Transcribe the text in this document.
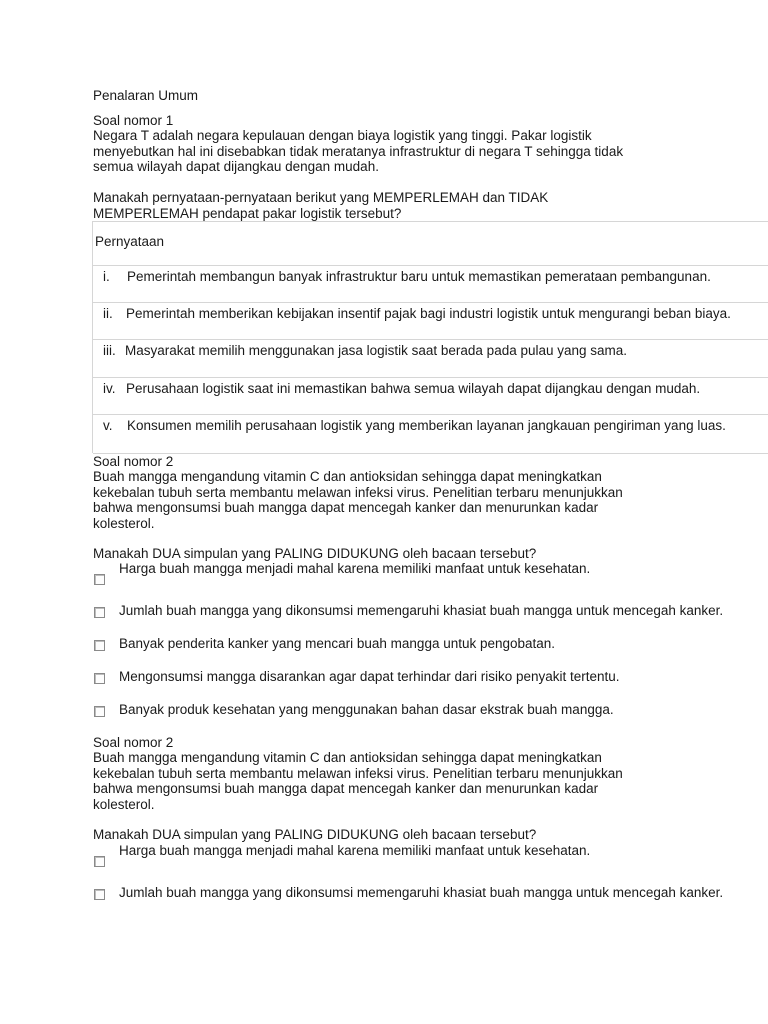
Penalaran Umum
Soal nomor 1
Negara T adalah negara kepulauan dengan biaya logistik yang tinggi. Pakar logistik
menyebutkan hal ini disebabkan tidak meratanya infrastruktur di negara T sehingga tidak
semua wilayah dapat dijangkau dengan mudah.
Manakah pernyataan-pernyataan berikut yang MEMPERLEMAH dan TIDAK
MEMPERLEMAH pendapat pakar logistik tersebut?
Pernyataan
i. Pemerintah membangun banyak infrastruktur baru untuk memastikan pemerataan pembangunan.
ii. Pemerintah memberikan kebijakan insentif pajak bagi industri logistik untuk mengurangi beban biaya.
iii. Masyarakat memilih menggunakan jasa logistik saat berada pada pulau yang sama.
iv. Perusahaan logistik saat ini memastikan bahwa semua wilayah dapat dijangkau dengan mudah.
v. Konsumen memilih perusahaan logistik yang memberikan layanan jangkauan pengiriman yang luas.
Soal nomor 2
Buah mangga mengandung vitamin C dan antioksidan sehingga dapat meningkatkan
kekebalan tubuh serta membantu melawan infeksi virus. Penelitian terbaru menunjukkan
bahwa mengonsumsi buah mangga dapat mencegah kanker dan menurunkan kadar
kolesterol.
Manakah DUA simpulan yang PALING DIDUKUNG oleh bacaan tersebut?
Harga buah mangga menjadi mahal karena memiliki manfaat untuk kesehatan.
Jumlah buah mangga yang dikonsumsi memengaruhi khasiat buah mangga untuk mencegah kanker.
Banyak penderita kanker yang mencari buah mangga untuk pengobatan.
Mengonsumsi mangga disarankan agar dapat terhindar dari risiko penyakit tertentu.
Banyak produk kesehatan yang menggunakan bahan dasar ekstrak buah mangga.
Soal nomor 2
Buah mangga mengandung vitamin C dan antioksidan sehingga dapat meningkatkan
kekebalan tubuh serta membantu melawan infeksi virus. Penelitian terbaru menunjukkan
bahwa mengonsumsi buah mangga dapat mencegah kanker dan menurunkan kadar
kolesterol.
Manakah DUA simpulan yang PALING DIDUKUNG oleh bacaan tersebut?
Harga buah mangga menjadi mahal karena memiliki manfaat untuk kesehatan.
Jumlah buah mangga yang dikonsumsi memengaruhi khasiat buah mangga untuk mencegah kanker.
